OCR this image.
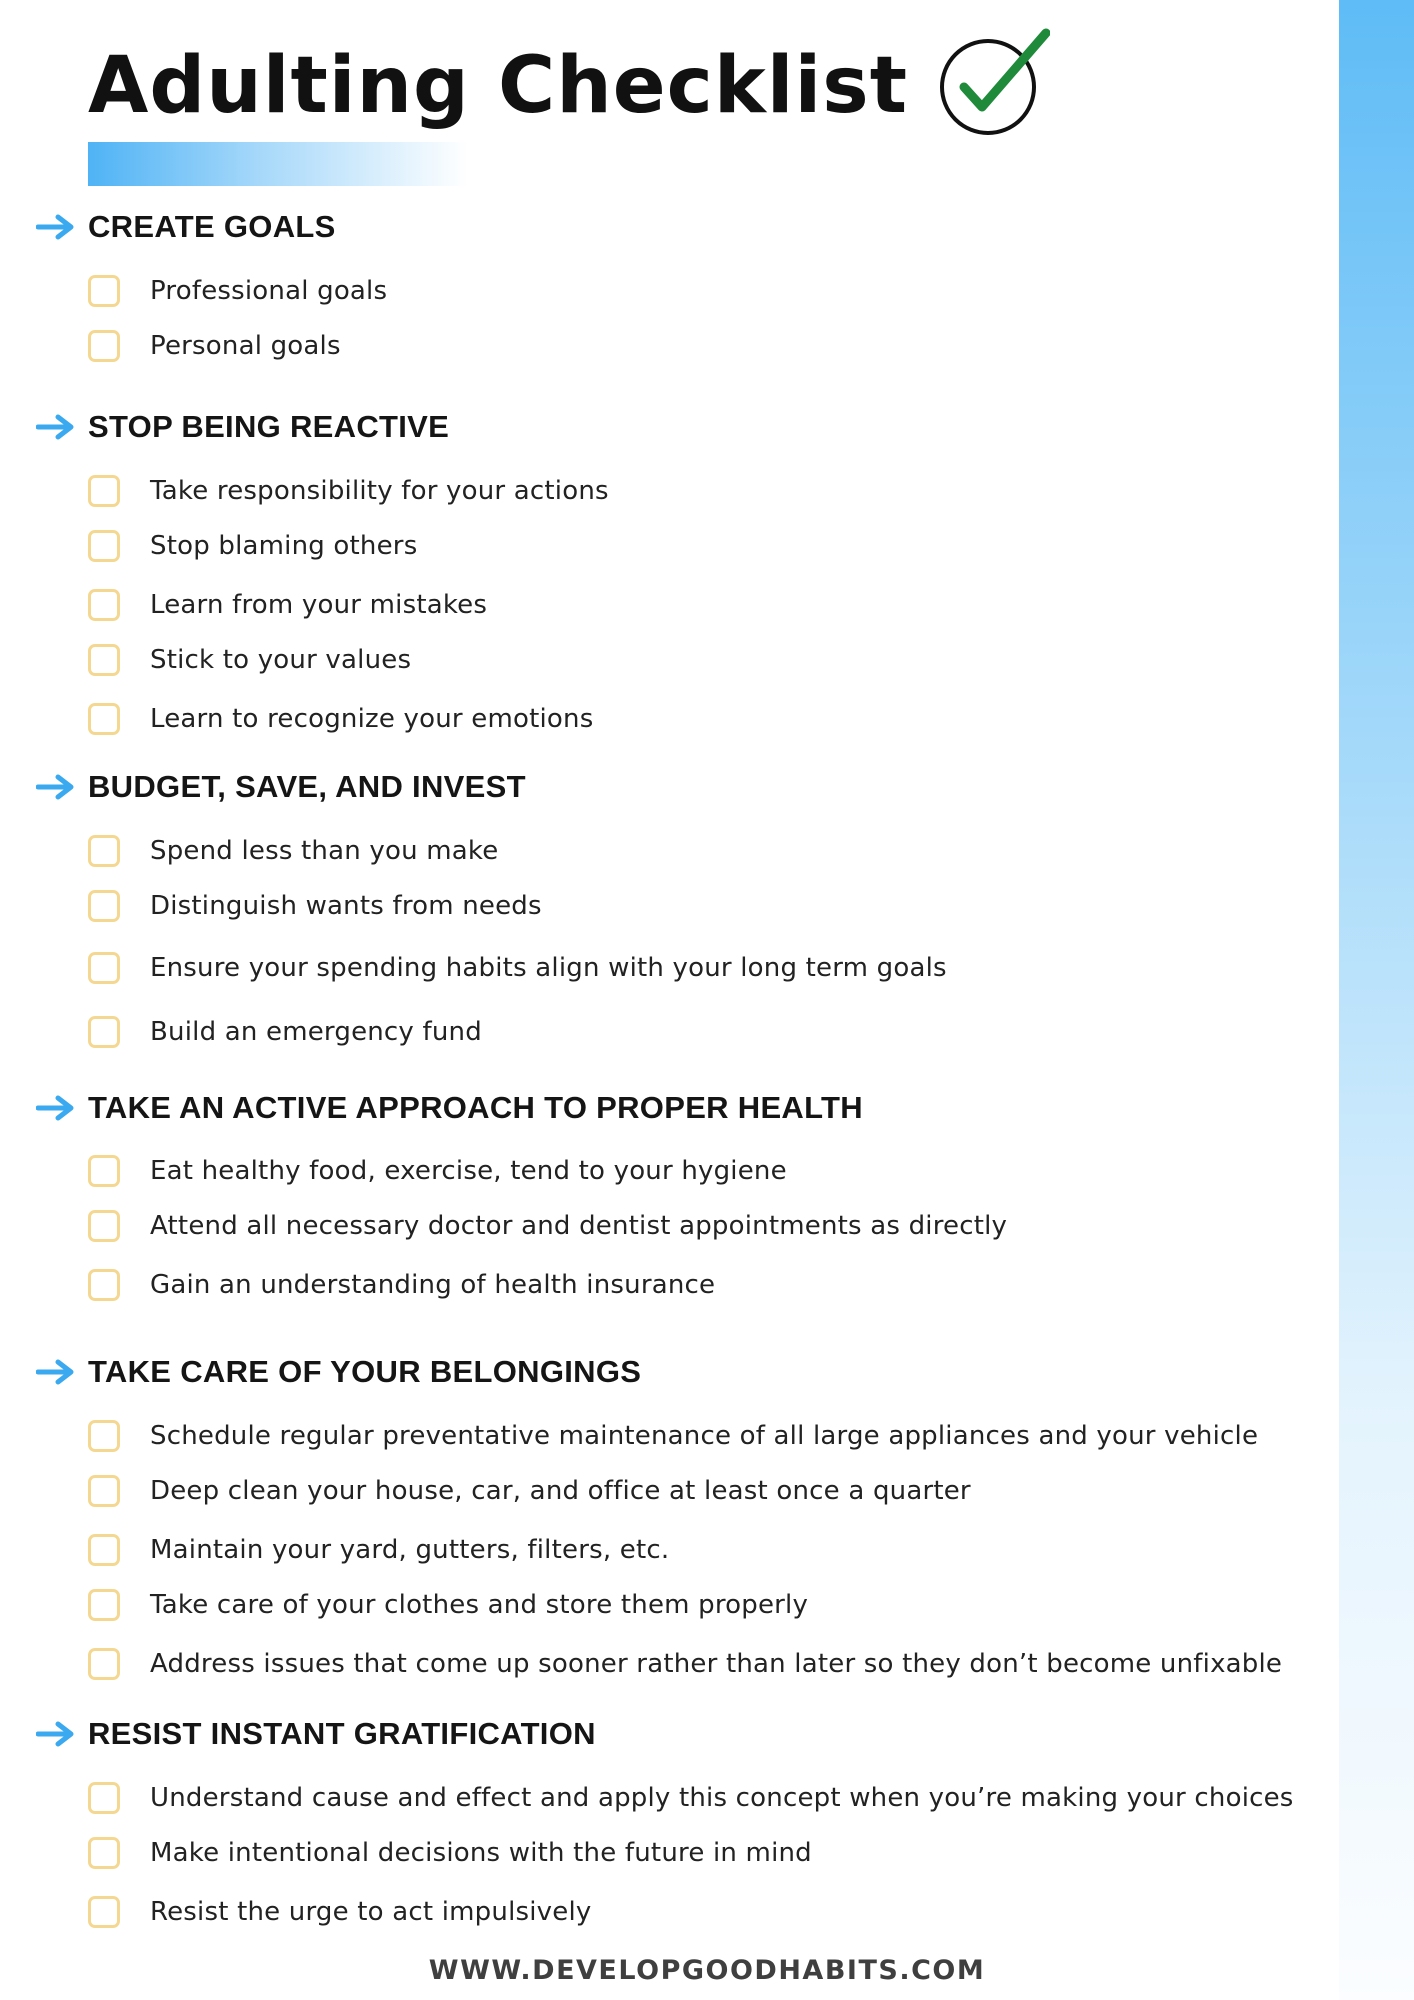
Adulting Checklist
CREATE GOALS
Professional goals
Personal goals
STOP BEING REACTIVE
Take responsibility for your actions
Stop blaming others
Learn from your mistakes
Stick to your values
Learn to recognize your emotions
BUDGET, SAVE, AND INVEST
Spend less than you make
Distinguish wants from needs
Ensure your spending habits align with your long term goals
Build an emergency fund
TAKE AN ACTIVE APPROACH TO PROPER HEALTH
Eat healthy food, exercise, tend to your hygiene
Attend all necessary doctor and dentist appointments as directly
Gain an understanding of health insurance
TAKE CARE OF YOUR BELONGINGS
Schedule regular preventative maintenance of all large appliances and your vehicle
Deep clean your house, car, and office at least once a quarter
Maintain your yard, gutters, filters, etc.
Take care of your clothes and store them properly
Address issues that come up sooner rather than later so they don’t become unfixable
RESIST INSTANT GRATIFICATION
Understand cause and effect and apply this concept when you’re making your choices
Make intentional decisions with the future in mind
Resist the urge to act impulsively
WWW.DEVELOPGOODHABITS.COM
